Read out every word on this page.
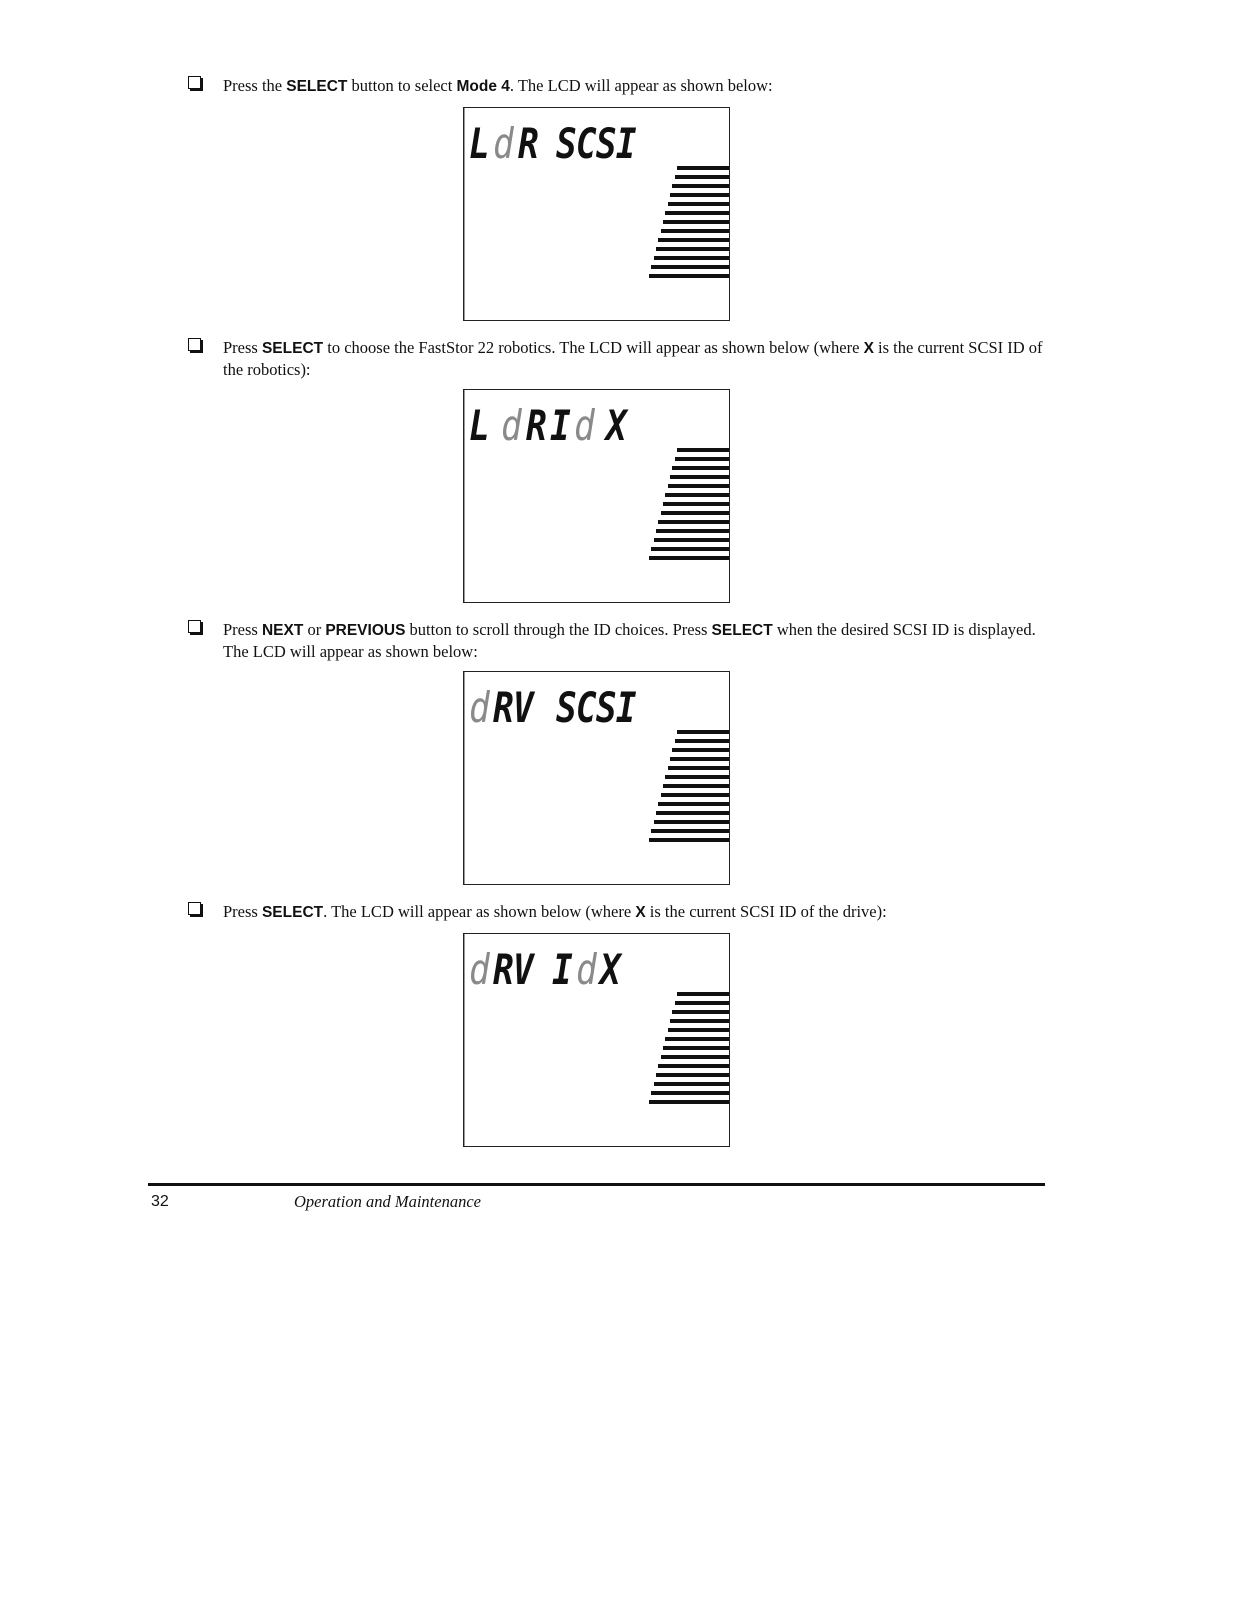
Press the SELECT button to select Mode 4. The LCD will appear as shown below:
L d R SCSI
Press SELECT to choose the FastStor 22 robotics. The LCD will appear as shown below (where X is the current SCSI ID of the robotics):
L d R I d X
Press NEXT or PREVIOUS button to scroll through the ID choices. Press SELECT when the desired SCSI ID is displayed. The LCD will appear as shown below:
d RV SCSI
Press SELECT. The LCD will appear as shown below (where X is the current SCSI ID of the drive):
d RV I d X
32	Operation and Maintenance
